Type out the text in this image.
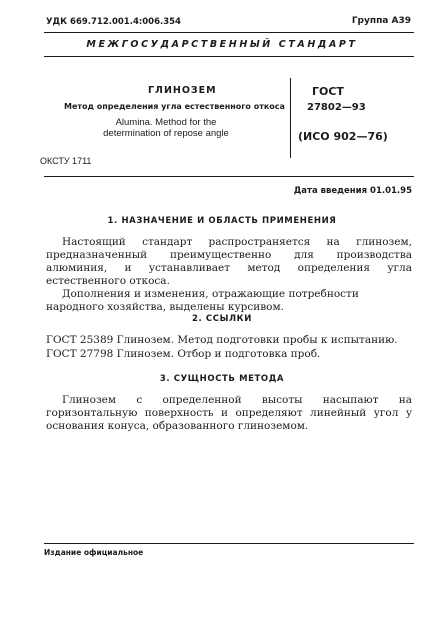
УДК 669.712.001.4:006.354	Группа А39
МЕЖГОСУДАРСТВЕННЫЙ СТАНДАРТ
ГЛИНОЗЕМ
Метод определения угла естественного откоса
Alumina. Method for the determination of repose angle
ГОСТ
27802—93
(ИСО 902—76)
ОКСТУ 1711
Дата введения 01.01.95
1. НАЗНАЧЕНИЕ И ОБЛАСТЬ ПРИМЕНЕНИЯ

Настоящий стандарт распространяется на глинозем, предназначенный преимущественно для производства алюминия, и устанавливает метод определения угла естественного откоса.

Дополнения и изменения, отражающие потребности народного хозяйства, выделены курсивом.

2. ССЫЛКИ
ГОСТ 25389 Глинозем. Метод подготовки пробы к испытанию.
ГОСТ 27798 Глинозем. Отбор и подготовка проб.
3. СУЩНОСТЬ МЕТОДА

Глинозем с определенной высоты насыпают на горизонтальную поверхность и определяют линейный угол у основания конуса, образованного глиноземом.

Издание официальное
